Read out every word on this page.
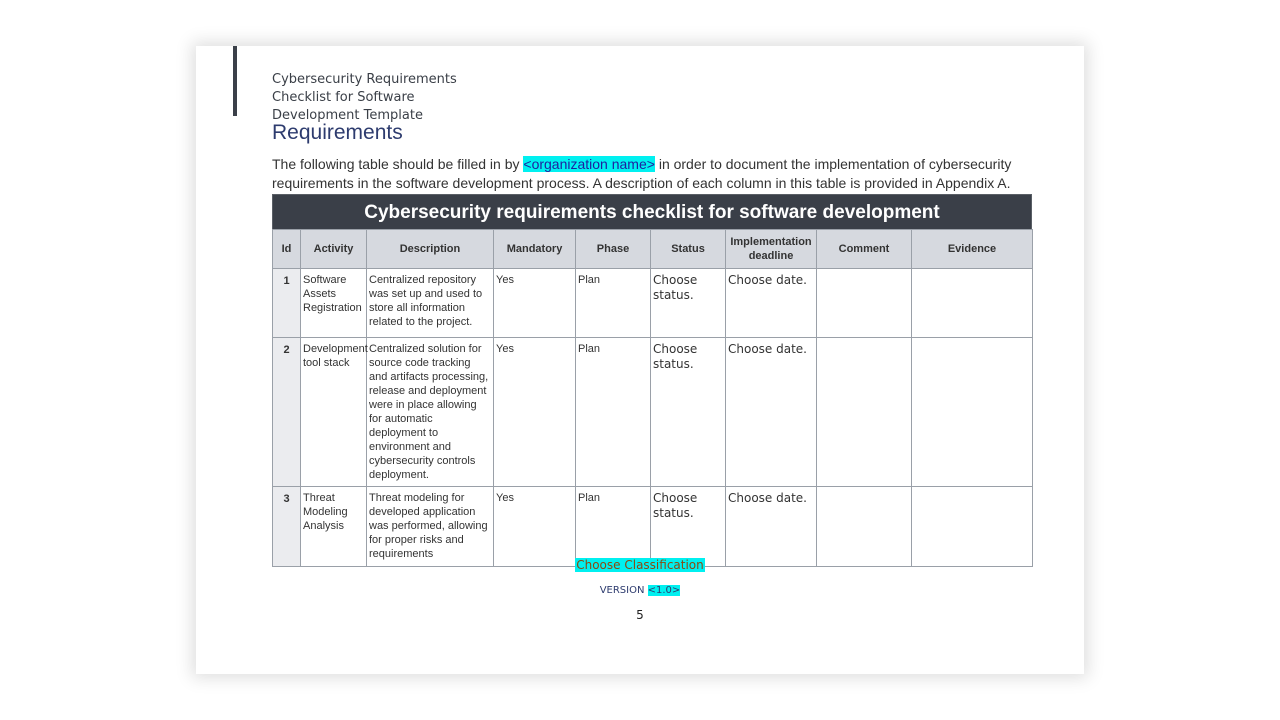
Cybersecurity Requirements Checklist for Software Development Template
Requirements

The following table should be filled in by <organization name> in order to document the implementation of cybersecurity requirements in the software development process. A description of each column in this table is provided in Appendix A.

Cybersecurity requirements checklist for software development
Id	Activity	Description	Mandatory	Phase	Status	Implementation deadline	Comment	Evidence
1	Software Assets Registration	Centralized repository was set up and used to store all information related to the project.	Yes	Plan	Choose status.	Choose date.		
2	Development tool stack	Centralized solution for source code tracking and artifacts processing, release and deployment were in place allowing for automatic deployment to environment and cybersecurity controls deployment.	Yes	Plan	Choose status.	Choose date.		
3	Threat Modeling Analysis	Threat modeling for developed application was performed, allowing for proper risks and requirements	Yes	Plan	Choose status.	Choose date.		
Choose Classification
VERSION <1.0>
5
